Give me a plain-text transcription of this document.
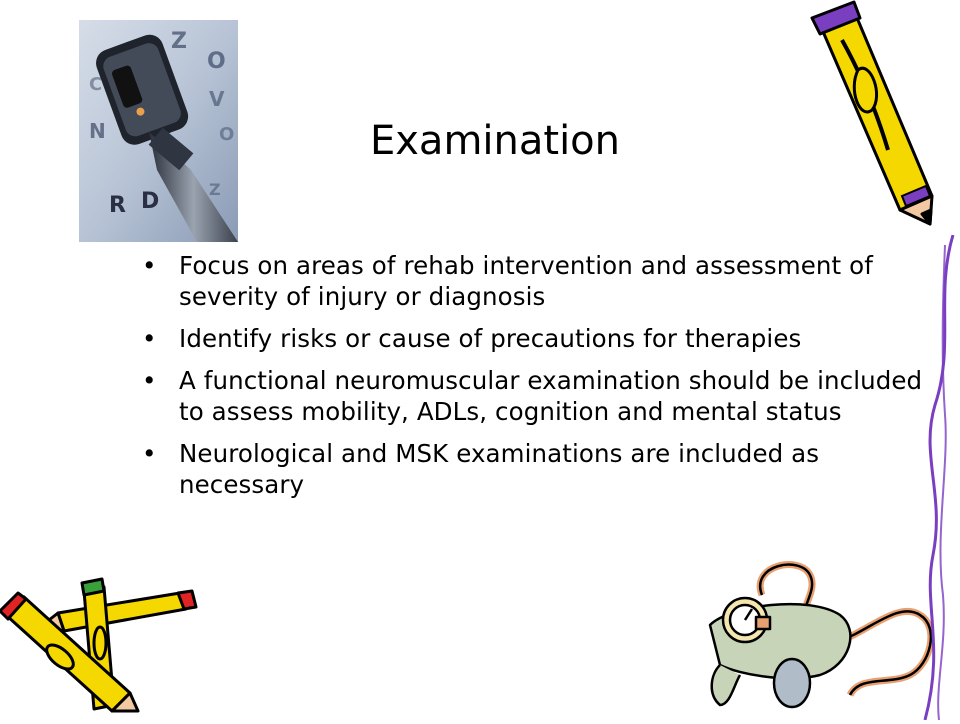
Z
O
V
N
C
O
R D	Z
Examination
• Focus on areas of rehab intervention and assessment of severity of injury or diagnosis
• Identify risks or cause of precautions for therapies
• A functional neuromuscular examination should be included to assess mobility, ADLs, cognition and mental status
• Neurological and MSK examinations are included as necessary
